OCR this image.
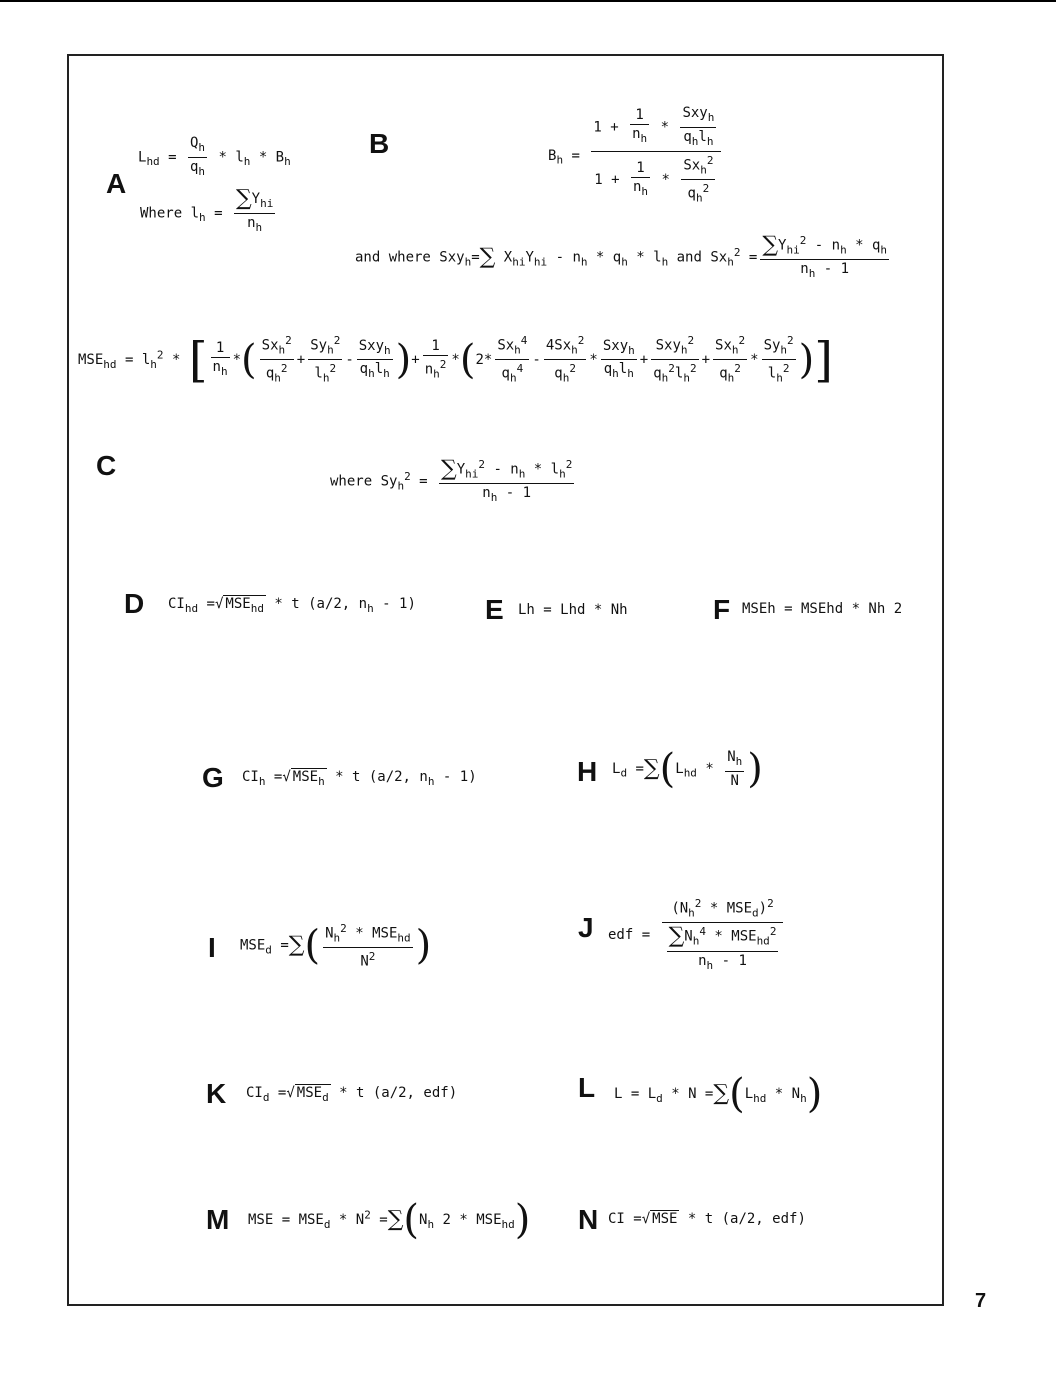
A
$L_{hd} = \frac{Q_h}{q_h} * l_h * B_h$
Where $l_h = \frac{\sum Y_{hi}}{n_h}$
B	$B_h = \frac{1 + \frac{1}{n_h} * \frac{Sxy_h}{q_hl_h}}{1 + \frac{1}{n_h} * \frac{Sx_h^2}{q_h^2}}$
and where Sxy$_h$=∑ $X_{hi}Y_{hi} - n_h * q_h * l_h$ and $Sx_h^2 = \frac{\sum Y_{hi}^2 - n_h * q_h}{n_h - 1}$
$MSE_{hd} = l_h^2$ * [ $\frac{1}{n_h}$ *( $\frac{Sx_h^2}{q_h^2} + \frac{Sy_h^2}{l_h^2} - \frac{Sxy_h}{q_hl_h}$ )+ $\frac{1}{n_h^2} *(2* \frac{Sx_h^4}{q_h^4} - \frac{4Sx_h^2}{q_h^2} * \frac{Sxy_h}{q_hl_h} + \frac{Sxy_h^2}{q_h^2l_h^2} + \frac{Sx_h^2}{q_h^2} * \frac{Sy_h^2}{l_h^2}$ )]
C
where $Sy_h^2 = \frac{\sum Y_{hi}^2 - n_h * l_h^2}{n_h - 1}$
D $CI_{hd}$ =√ $MSE_{hd}$ * t (a/2, $n_h - 1$) E Lh = Lhd * Nh	F MSEh = MSEhd * Nh 2
G $CI_h$ =√ $MSE_h$ * t (a/2, $n_h - 1$)	H $L_d =\sum(L_{hd} * \frac{N_h}{N}$ )
I $MSE_d$ =∑( $\frac{N_h^2 * MSE_{hd}}{N^2}$ )	J edf = $\frac{(N_h^2 * MSE_d)^2}{\frac{\sum N_h^4 * MSE_{hd}^2}{n_h - 1}}$
K $CI_d$ =√ $MSE_d$ * t (a/2, edf)	L $L = L_d * N =\sum(L_{hd} * N_h)$
M MSE = $MSE_d * N^2 =\sum(N_h$ $2 * MSE_{hd}$) N CI =√ MSE * t (a/2, edf)
7
